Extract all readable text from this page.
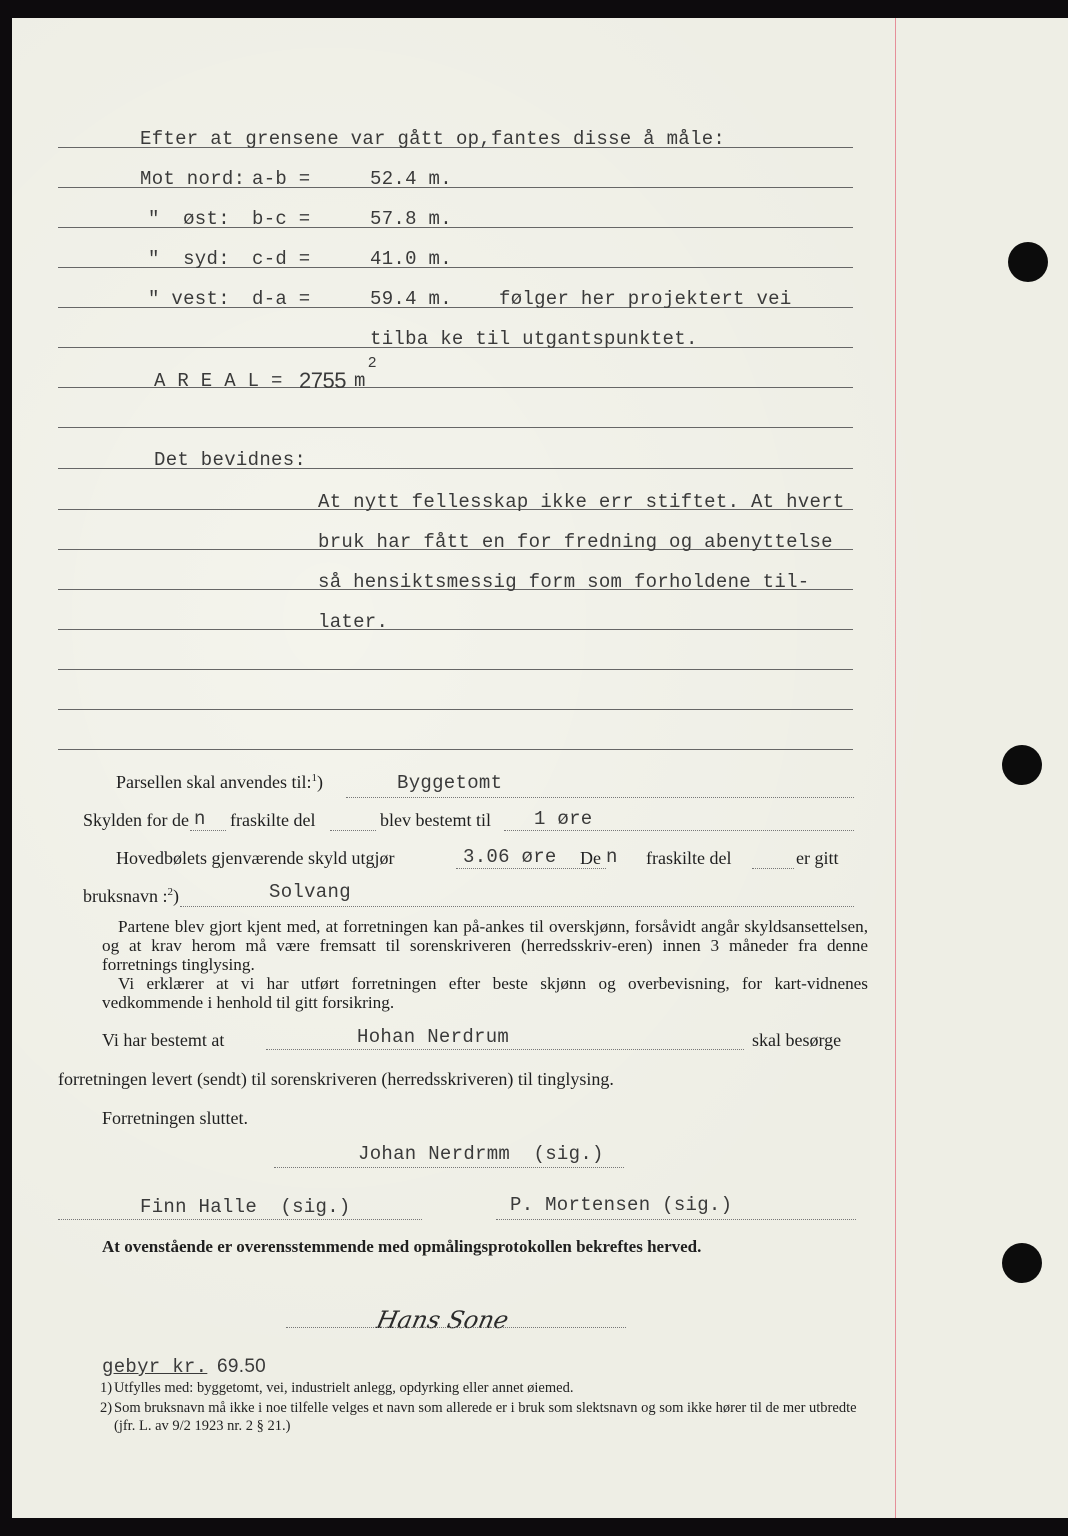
Efter at grensene var gått op,fantes disse å måle:
Mot nord: a-b =	52.4 m.
"  øst: b-c =	57.8 m.
"  syd: c-d =	41.0 m.
" vest: d-a =	59.4 m. følger her projektert vei
tilba ke til utgantspunktet.
A R E A L = 2755 m
2
Det bevidnes:
At nytt fellesskap ikke err stiftet. At hvert
bruk har fått en for fredning og abenyttelse
så hensiktsmessig form som forholdene til-
later.
Parsellen skal anvendes til:$^1$)	Byggetomt
Skylden for de n fraskilte del	blev bestemt til 1 øre
Hovedbølets gjenværende skyld utgjør	3.06 øre De n fraskilte del	er gitt
bruksnavn :$^2$)	Solvang

Partene blev gjort kjent med, at forretningen kan på-ankes til overskjønn, forsåvidt angår skyldsansettelsen, og at krav herom må være fremsatt til sorenskriveren (herredsskriv-eren) innen 3 måneder fra denne forretnings tinglysing.

Vi erklærer at vi har utført forretningen efter beste skjønn og overbevisning, for kart-vidnenes vedkommende i henhold til gitt forsikring.

Vi har bestemt at	Hohan Nerdrum	skal besørge
forretningen levert (sendt) til sorenskriveren (herredsskriveren) til tinglysing.
Forretningen sluttet.
Johan Nerdrmm  (sig.)
Finn Halle  (sig.)	P. Mortensen (sig.)
At ovenstående er overensstemmende med opmålingsprotokollen bekreftes herved.
Hans Sone
gebyr kr. 69.50
1) Utfylles med: byggetomt, vei, industrielt anlegg, opdyrking eller annet øiemed.
2) Som bruksnavn må ikke i noe tilfelle velges et navn som allerede er i bruk som slektsnavn og som ikke hører til de mer utbredte (jfr. L. av 9/2 1923 nr. 2 § 21.)
